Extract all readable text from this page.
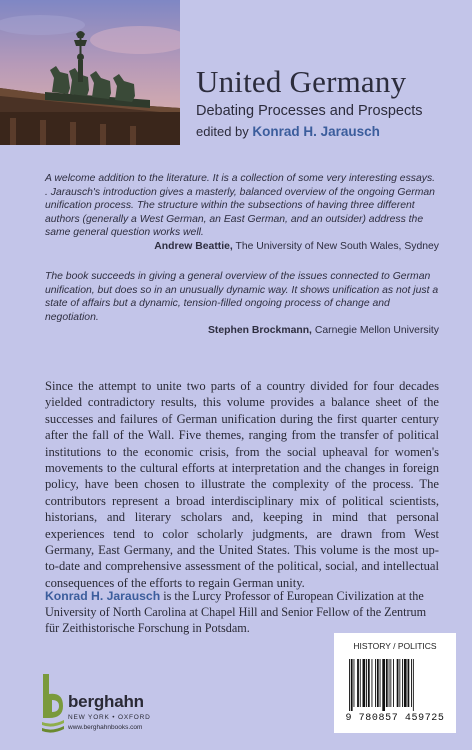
United Germany
Debating Processes and Prospects
edited by Konrad H. Jarausch
A welcome addition to the literature. It is a collection of some very interesting essays. . Jarausch's introduction gives a masterly, balanced overview of the ongoing German unification process. The structure within the subsections of having three different authors (generally a West German, an East German, and an outsider) address the same general question works well.
Andrew Beattie, The University of New South Wales, Sydney
The book succeeds in giving a general overview of the issues connected to German unification, but does so in an unusually dynamic way. It shows unification as not just a state of affairs but a dynamic, tension-filled ongoing process of change and negotiation.
Stephen Brockmann, Carnegie Mellon University
Since the attempt to unite two parts of a country divided for four decades yielded contradictory results, this volume provides a balance sheet of the successes and failures of German unification during the first quarter century after the fall of the Wall. Five themes, ranging from the transfer of political institutions to the economic crisis, from the social upheaval for women's movements to the cultural efforts at interpretation and the changes in foreign policy, have been chosen to illustrate the complexity of the process. The contributors represent a broad interdisciplinary mix of political scientists, historians, and literary scholars and, keeping in mind that personal experiences tend to color scholarly judgments, are drawn from West Germany, East Germany, and the United States. This volume is the most up-to-date and comprehensive assessment of the political, social, and intellectual consequences of the efforts to regain German unity.
Konrad H. Jarausch is the Lurcy Professor of European Civilization at the University of North Carolina at Chapel Hill and Senior Fellow of the Zentrum für Zeithistorische Forschung in Potsdam.
berghahn
NEW YORK • OXFORD
www.berghahnbooks.com
HISTORY / POLITICS
9 780857 459725
